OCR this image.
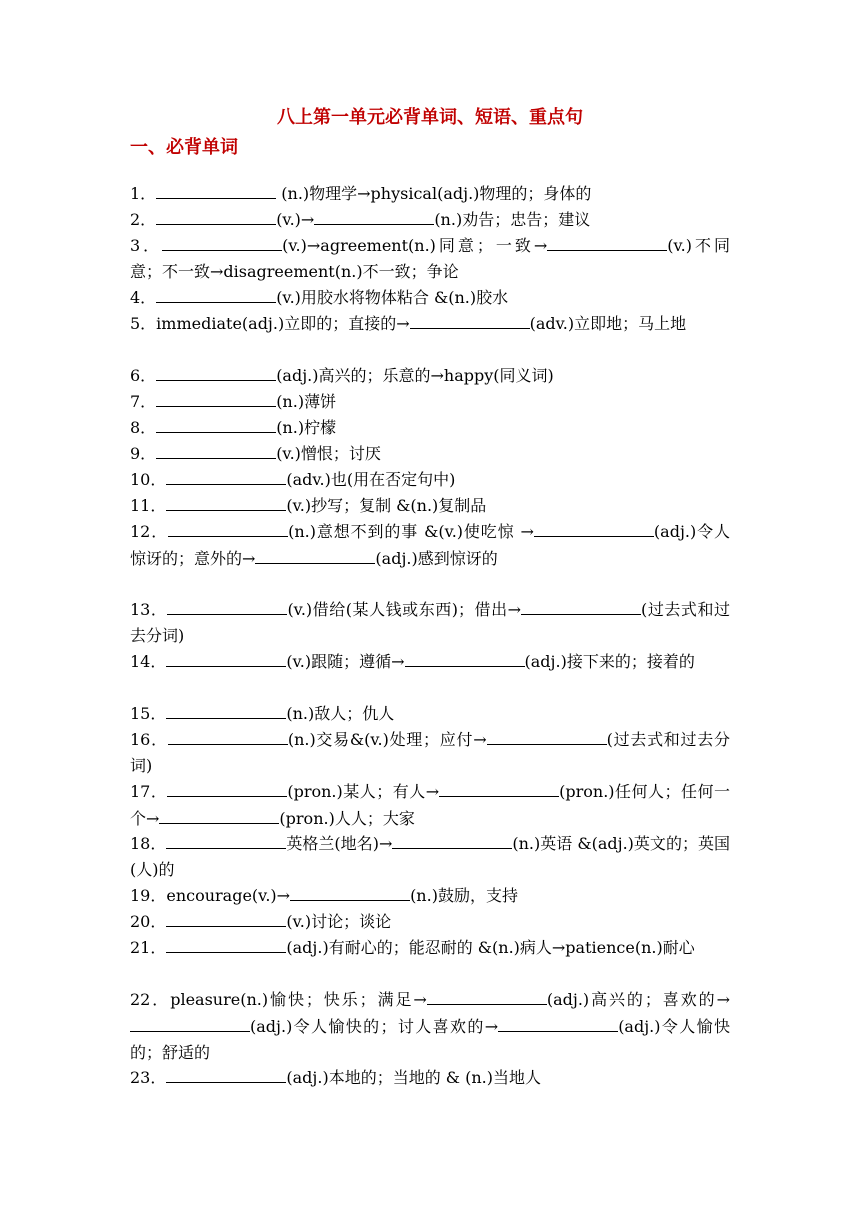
八上第一单元必背单词、短语、重点句
一、必背单词

1．	(n.)物理学→physical(adj.)物理的；身体的

2．	(v.)→	(n.)劝告；忠告；建议

3．	(v.)→agreement(n.)同意；一致→	(v.)不同意；不一致→disagreement(n.)不一致；争论

4．	(v.)用胶水将物体粘合 &(n.)胶水

5．immediate(adj.)立即的；直接的→	(adv.)立即地；马上地

6．	(adj.)高兴的；乐意的→happy(同义词)

7．	(n.)薄饼

8．	(n.)柠檬

9．	(v.)憎恨；讨厌

10．	(adv.)也(用在否定句中)

11．	(v.)抄写；复制 &(n.)复制品

12．	(n.)意想不到的事 &(v.)使吃惊 →	(adj.)令人惊讶的；意外的→	(adj.)感到惊讶的

13．	(v.)借给(某人钱或东西)；借出→	(过去式和过去分词)

14．	(v.)跟随；遵循→	(adj.)接下来的；接着的

15．	(n.)敌人；仇人

16．	(n.)交易&(v.)处理；应付→	(过去式和过去分词)

17．	(pron.)某人；有人→	(pron.)任何人；任何一个→	(pron.)人人；大家

18．	英格兰(地名)→	(n.)英语 &(adj.)英文的；英国(人)的

19．encourage(v.)→	(n.)鼓励，支持

20．	(v.)讨论；谈论

21．	(adj.)有耐心的；能忍耐的 &(n.)病人→patience(n.)耐心

22．pleasure(n.)愉快；快乐；满足→	(adj.)高兴的；喜欢的→(adj.)令人愉快的；讨人喜欢的→	(adj.)令人愉快的；舒适的

23．	(adj.)本地的；当地的 & (n.)当地人
